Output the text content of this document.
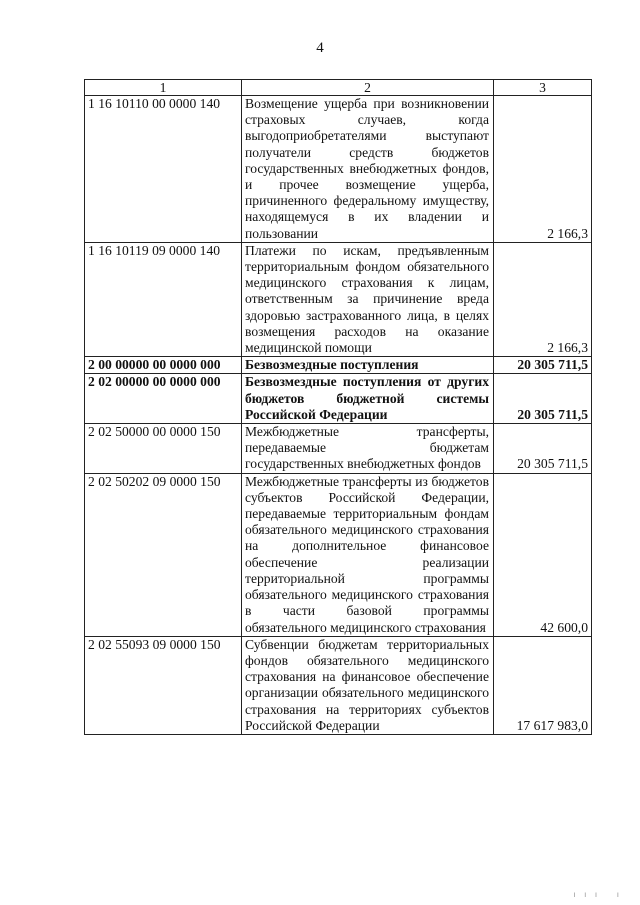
4
1	2	3
1 16 10110 00 0000 140	Возмещение ущерба при возникновении страховых случаев, когда выгодоприобретателями выступают получатели средств бюджетов государственных внебюджетных фондов, и прочее возмещение ущерба, причиненного федеральному имуществу, находящемуся в их владении и пользовании	2 166,3
1 16 10119 09 0000 140	Платежи по искам, предъявленным территориальным фондом обязательного медицинского страхования к лицам, ответственным за причинение вреда здоровью застрахованного лица, в целях возмещения расходов на оказание медицинской помощи	2 166,3
2 00 00000 00 0000 000	Безвозмездные поступления	20 305 711,5
2 02 00000 00 0000 000	Безвозмездные поступления от других бюджетов бюджетной системы Российской Федерации	20 305 711,5
2 02 50000 00 0000 150	Межбюджетные трансферты, передаваемые бюджетам государственных внебюджетных фондов	20 305 711,5
2 02 50202 09 0000 150	Межбюджетные трансферты из бюджетов субъектов Российской Федерации, передаваемые территориальным фондам обязательного медицинского страхования на дополнительное финансовое обеспечение реализации территориальной программы обязательного медицинского страхования в части базовой программы обязательного медицинского страхования	42 600,0
2 02 55093 09 0000 150	Субвенции бюджетам территориальных фондов обязательного медицинского страхования на финансовое обеспечение организации обязательного медицинского страхования на территориях субъектов Российской Федерации	17 617 983,0
ı ı ı   ı
